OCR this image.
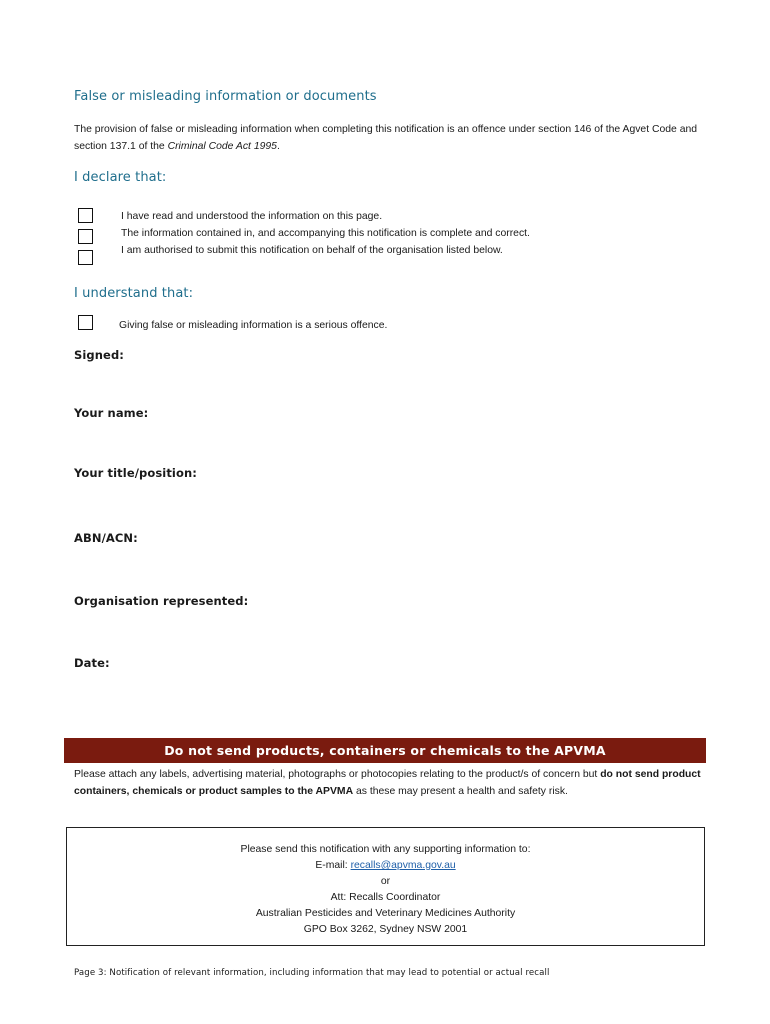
False or misleading information or documents
The provision of false or misleading information when completing this notification is an offence under section 146 of the Agvet Code and section 137.1 of the Criminal Code Act 1995.
I declare that:
I have read and understood the information on this page.
The information contained in, and accompanying this notification is complete and correct.
I am authorised to submit this notification on behalf of the organisation listed below.
I understand that:
Giving false or misleading information is a serious offence.
Signed:
Your name:
Your title/position:
ABN/ACN:
Organisation represented:
Date:
Do not send products, containers or chemicals to the APVMA
Please attach any labels, advertising material, photographs or photocopies relating to the product/s of concern but do not send product containers, chemicals or product samples to the APVMA as these may present a health and safety risk.
Please send this notification with any supporting information to:
E-mail: recalls@apvma.gov.au
or
Att: Recalls Coordinator
Australian Pesticides and Veterinary Medicines Authority
GPO Box 3262, Sydney NSW 2001
Page 3: Notification of relevant information, including information that may lead to potential or actual recall
